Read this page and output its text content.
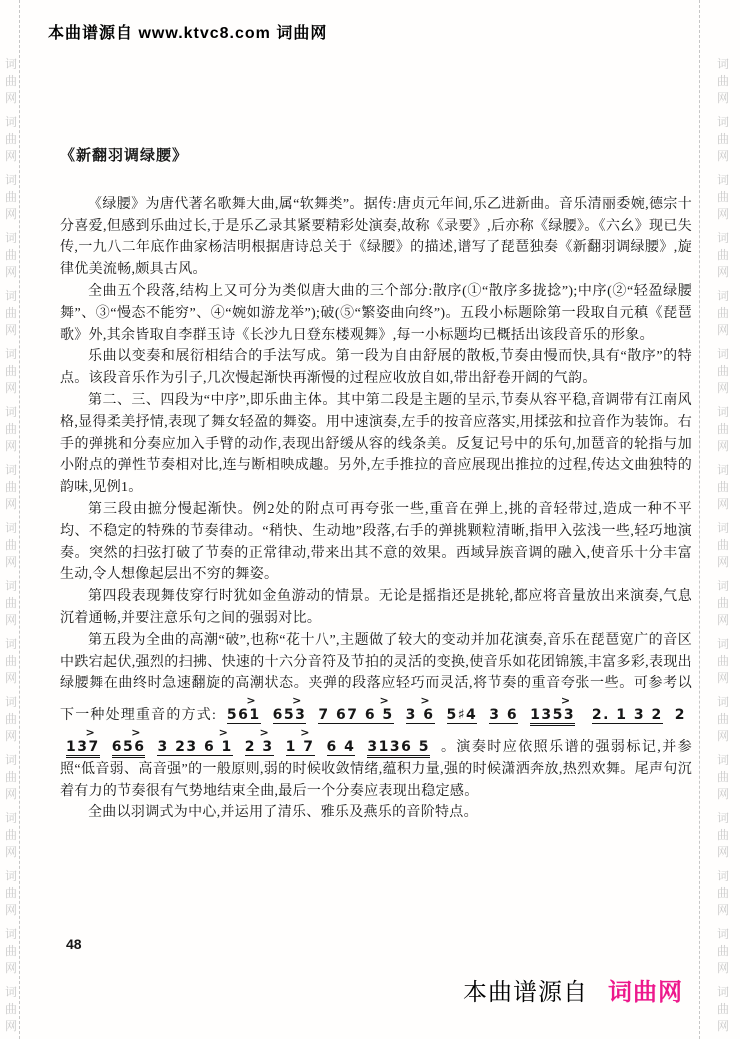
本曲谱源自 www.ktvc8.com 词曲网
词
曲
网
词
曲
网
词
曲
网
词
曲
网
词
曲
网
词
曲
网
词
曲
网
词
曲
网
词
曲
网
词
曲
网
词
曲
网
词
曲
网
词
曲
网
词
曲
网
词
曲
网
词
曲
网
词
曲
网
词
曲
网
词
曲
网
词
曲
网
词
曲
网
词
曲
网
词
曲
网
词
曲
网
词
曲
网
词
曲
网
词
曲
网
词
曲
网
词
曲
网
词
曲
网
词
曲
网
词
曲
网
词
曲
网
词
曲
网
《新翻羽调绿腰》

《绿腰》为唐代著名歌舞大曲,属“软舞类”。据传:唐贞元年间,乐乙进新曲。音乐清丽委婉,德宗十分喜爱,但感到乐曲过长,于是乐乙录其紧要精彩处演奏,故称《录要》,后亦称《绿腰》。《六幺》现已失传,一九八二年底作曲家杨洁明根据唐诗总关于《绿腰》的描述,谱写了琵琶独奏《新翻羽调绿腰》,旋律优美流畅,颇具古风。

全曲五个段落,结构上又可分为类似唐大曲的三个部分:散序(①“散序多拢捻”);中序(②“轻盈绿腰舞”、③“慢态不能穷”、④“婉如游龙举”);破(⑤“繁姿曲向终”)。五段小标题除第一段取自元稹《琵琶歌》外,其余皆取自李群玉诗《长沙九日登东楼观舞》,每一小标题均已概括出该段音乐的形象。

乐曲以变奏和展衍相结合的手法写成。第一段为自由舒展的散板,节奏由慢而快,具有“散序”的特点。该段音乐作为引子,几次慢起渐快再渐慢的过程应收放自如,带出舒卷开阔的气韵。

第二、三、四段为“中序”,即乐曲主体。其中第二段是主题的呈示,节奏从容平稳,音调带有江南风格,显得柔美抒情,表现了舞女轻盈的舞姿。用中速演奏,左手的按音应落实,用揉弦和拉音作为装饰。右手的弹挑和分奏应加入手臂的动作,表现出舒缓从容的线条美。反复记号中的乐句,加琶音的轮指与加小附点的弹性节奏相对比,连与断相映成趣。另外,左手推拉的音应展现出推拉的过程,传达文曲独特的韵味,见例1。

第三段由摭分慢起渐快。例2处的附点可再夸张一些,重音在弹上,挑的音轻带过,造成一种不平均、不稳定的特殊的节奏律动。“稍快、生动地”段落,右手的弹挑颗粒清晰,指甲入弦浅一些,轻巧地演奏。突然的扫弦打破了节奏的正常律动,带来出其不意的效果。西域异族音调的融入,使音乐十分丰富生动,令人想像起层出不穷的舞姿。

第四段表现舞伎穿行时犹如金鱼游动的情景。无论是摇指还是挑轮,都应将音量放出来演奏,气息沉着通畅,并要注意乐句之间的强弱对比。

第五段为全曲的高潮“破”,也称“花十八”,主题做了较大的变动并加花演奏,音乐在琵琶宽广的音区中跌宕起伏,强烈的扫拂、快速的十六分音符及节拍的灵活的变换,使音乐如花团锦簇,丰富多彩,表现出绿腰舞在曲终时急速翻旋的高潮状态。夹弹的段落应轻巧而灵活,将节奏的重音夸张一些。可参考以下一种处理重音的方式: > 561 > 653 > 7 67 6 5 > 3 6 5♯4 3 6 > 1353 2. 1 3 2 2> 137 > 656 > 3 23 6 1 > 2 3 > 1 7 6 4 3136 5 。演奏时应依照乐谱的强弱标记,并参照“低音弱、高音强”的一般原则,弱的时候收敛情绪,蕴积力量,强的时候潇洒奔放,热烈欢舞。尾声句沉着有力的节奏很有气势地结束全曲,最后一个分奏应表现出稳定感。

全曲以羽调式为中心,并运用了清乐、雅乐及燕乐的音阶特点。

48
本曲谱源自 词曲网
